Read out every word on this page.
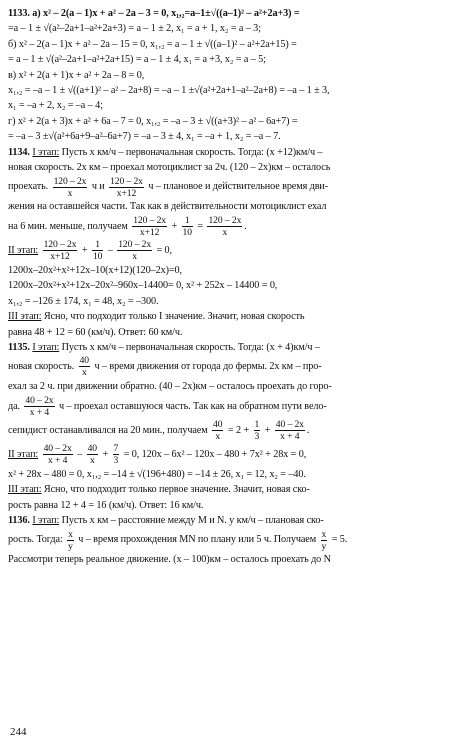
1133. а) x² – 2(a – 1)x + a² – 2a – 3 = 0, x₁,₂=a–1±√((a–1)² – a²+2a+3) =
=a – 1 ± √(a²–2a+1–a²+2a+3) = a – 1 ± 2, x₁ = a + 1, x₂ = a – 3;
б) x² – 2(a – 1)x + a² – 2a – 15 = 0, x₁,₂ = a – 1 ± √((a–1)² – a²+2a+15) =
= a – 1 ± √(a²–2a+1–a²+2a+15) = a – 1 ± 4, x₁ = a +3, x₂ = a – 5;
в) x² + 2(a + 1)x + a² + 2a – 8 = 0,
x₁,₂ = –a – 1 ± √((a+1)² – a² – 2a+8) = –a – 1 ±√(a²+2a+1–a²–2a+8) = –a – 1 ± 3,
x₁ = –a + 2, x₂ = –a – 4;
г) x² + 2(a + 3)x + a² + 6a – 7 = 0, x₁,₂ = –a – 3 ± √((a+3)² – a² – 6a+7) =
= –a – 3 ±√(a²+6a+9–a²–6a+7) = –a – 3 ± 4, x₁ = –a + 1, x₂ = –a – 7.
1134. I этап: Пусть x км/ч – первоначальная скорость. Тогда: (x +12)км/ч –
новая скорость. 2x км – проехал мотоциклист за 2ч. (120 – 2x)км – осталось
проехать. $\frac{120 - 2x}{x}$ ч и $\frac{120 - 2x}{x+12}$ ч – плановое и действительное время дви-
жения на оставшейся части. Так как в действительности мотоциклист ехал
на 6 мин. меньше, получаем $\frac{120 - 2x}{x+12} + \frac{1}{10} = \frac{120 - 2x}{x}$ .
II этап: $\frac{120 - 2x}{x+12} + \frac{1}{10} - \frac{120 - 2x}{x} = 0$,
1200x–20x²+x²+12x–10(x+12)(120–2x)=0,
1200x–20x²+x²+12x–20x²–960x–14400= 0, x² + 252x – 14400 = 0,
x₁,₂ = –126 ± 174, x₁ = 48, x₂ = –300.
III этап: Ясно, что подходит только I значение. Значит, новая скорость
равна 48 + 12 = 60 (км/ч). Ответ: 60 км/ч.
1135. I этап: Пусть x км/ч – первоначальная скорость. Тогда: (x + 4)км/ч –
новая скорость. $\frac{40}{x}$ ч – время движения от города до фермы. 2x км – про-
ехал за 2 ч. при движении обратно. (40 – 2x)км – осталось проехать до горо-
да. $\frac{40 - 2x}{x + 4}$ ч – проехал оставшуюся часть. Так как на обратном пути вело-
сепидист останавливался на 20 мин., получаем $\frac{40}{x} = 2 + \frac{1}{3} + \frac{40 - 2x}{x + 4}$ .
II этап: $\frac{40 - 2x}{x + 4} - \frac{40}{x} + \frac{7}{3} = 0$, 120x – 6x² – 120x – 480 + 7x² + 28x = 0,
x² + 28x – 480 = 0, x₁,₂ = –14 ± √(196+480) = –14 ± 26, x₁ = 12, x₂ = –40.
III этап: Ясно, что подходит только первое значение. Значит, новая ско-
рость равна 12 + 4 = 16 (км/ч). Ответ: 16 км/ч.
1136. I этап: Пусть x км – расстояние между M и N. y км/ч – плановая ско-
рость. Тогда: $\frac{x}{y}$ ч – время прохождения MN по плану или 5 ч. Получаем $\frac{x}{y} = 5$.
Рассмотри теперь реальное движение. (x – 100)км – осталось проехать до N
244
